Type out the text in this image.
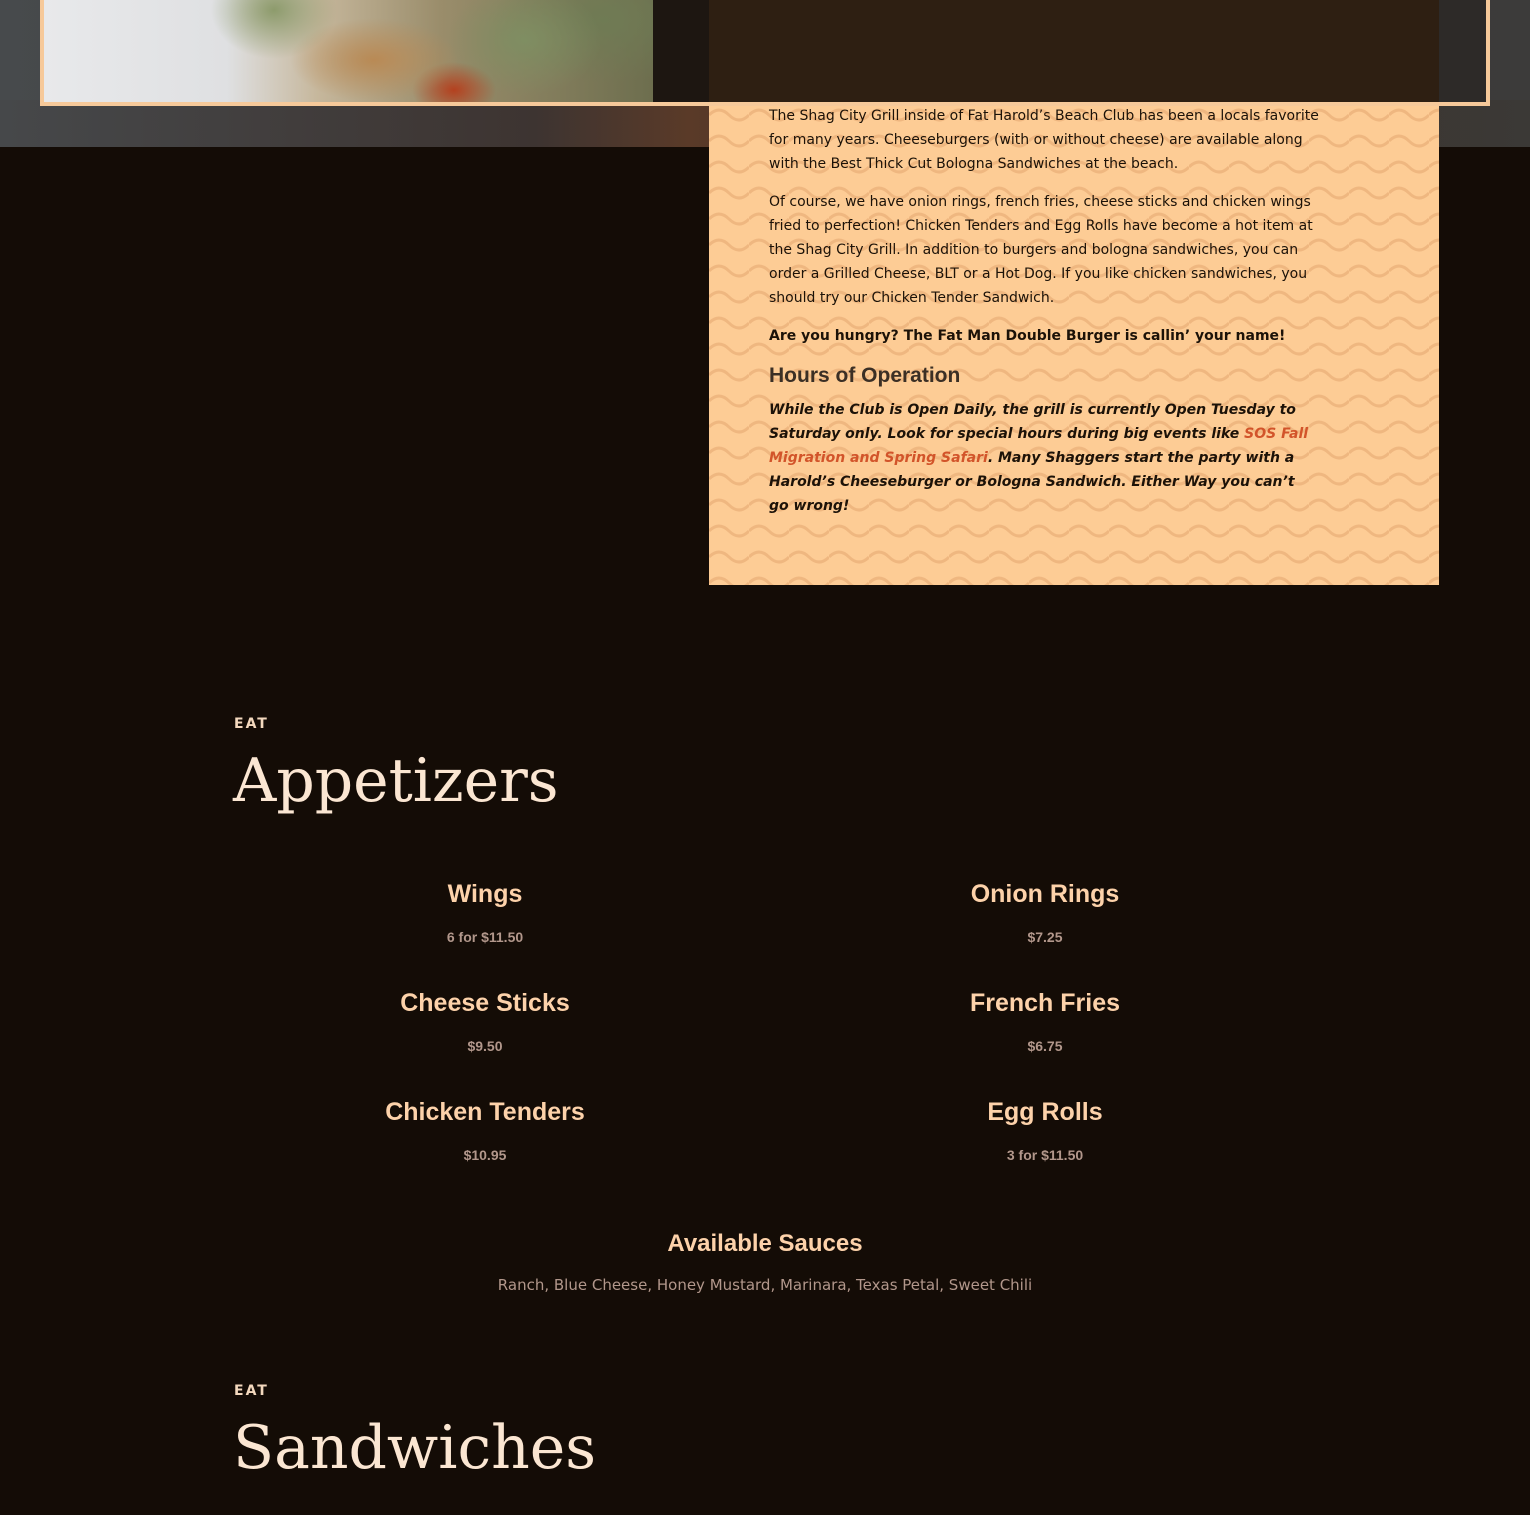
The Shag City Grill inside of Fat Harold’s Beach Club has been a locals favorite for many years. Cheeseburgers (with or without cheese) are available along with the Best Thick Cut Bologna Sandwiches at the beach.

Of course, we have onion rings, french fries, cheese sticks and chicken wings fried to perfection! Chicken Tenders and Egg Rolls have become a hot item at the Shag City Grill. In addition to burgers and bologna sandwiches, you can order a Grilled Cheese, BLT or a Hot Dog. If you like chicken sandwiches, you should try our Chicken Tender Sandwich.

Are you hungry? The Fat Man Double Burger is callin’ your name!

Hours of Operation

While the Club is Open Daily, the grill is currently Open Tuesday to Saturday only. Look for special hours during big events like SOS Fall Migration and Spring Safari. Many Shaggers start the party with a Harold’s Cheeseburger or Bologna Sandwich. Either Way you can’t go wrong!

EAT
Appetizers
Wings
6 for $11.50
Onion Rings
$7.25
Cheese Sticks
$9.50
French Fries
$6.75
Chicken Tenders
$10.95
Egg Rolls
3 for $11.50
Available Sauces
Ranch, Blue Cheese, Honey Mustard, Marinara, Texas Petal, Sweet Chili
EAT
Sandwiches
